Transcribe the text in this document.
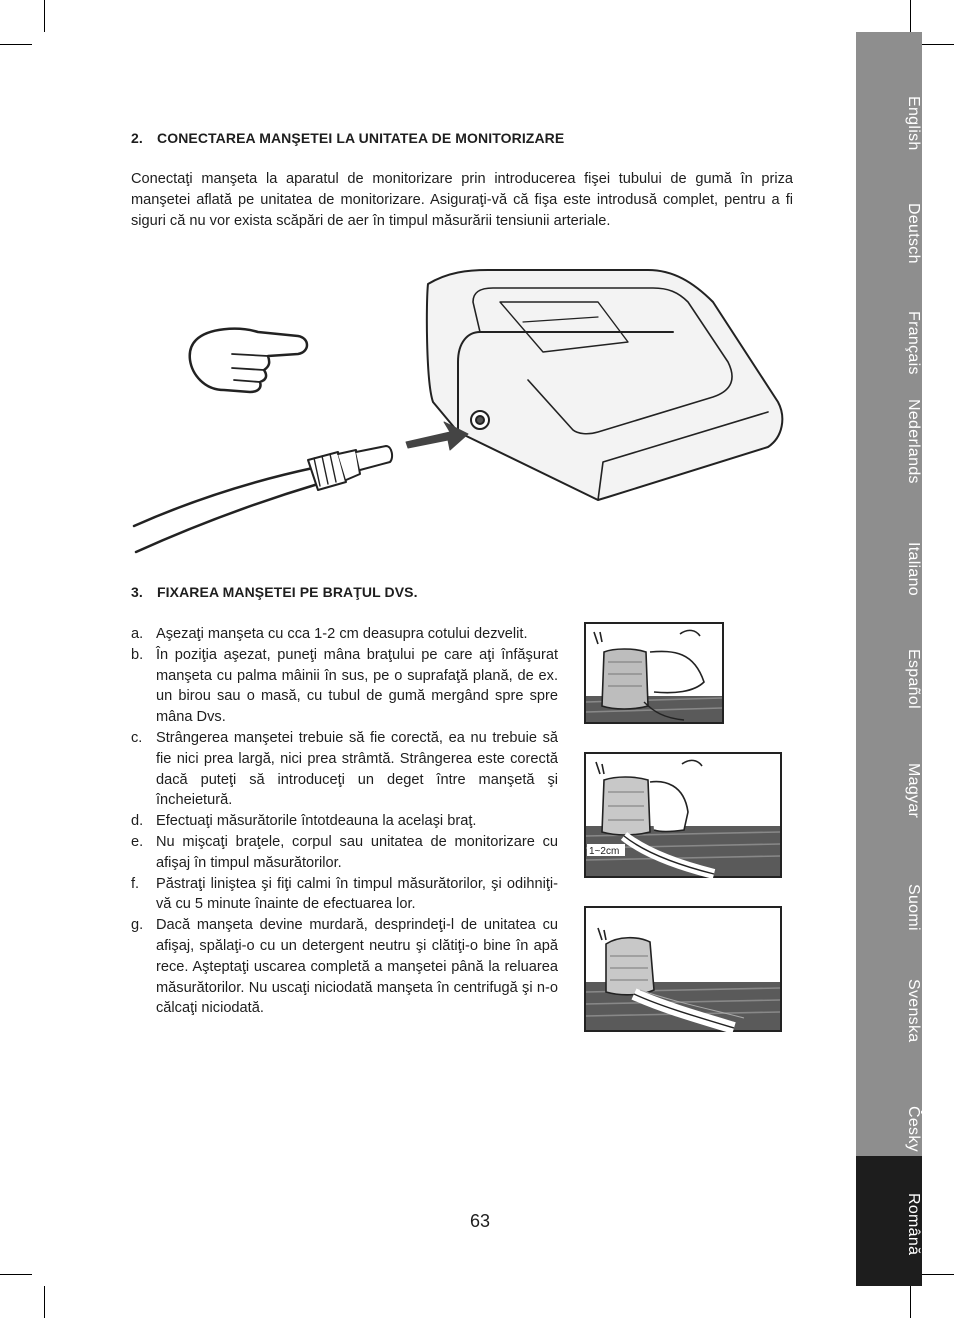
2. CONECTAREA MANŞETEI LA UNITATEA DE MONITORIZARE

Conectaţi manşeta la aparatul de monitorizare prin introducerea fişei tubului de gumă în priza manşetei aflată pe unitatea de monitorizare. Asiguraţi-vă că fişa este introdusă complet, pentru a fi siguri că nu vor exista scăpări de aer în timpul măsurării tensiunii arteriale.

3. FIXAREA MANŞETEI PE BRAŢUL DVS.
a. Aşezaţi manşeta cu cca 1-2 cm deasupra cotului dezvelit.
b. În poziţia aşezat, puneţi mâna braţului pe care aţi înfăşurat manşeta cu palma mâinii în sus, pe o suprafaţă plană, de ex. un birou sau o masă, cu tubul de gumă mergând spre spre mâna Dvs.
c. Strângerea manşetei trebuie să fie corectă, ea nu trebuie să fie nici prea largă, nici prea strâmtă. Strângerea este corectă dacă puteţi să introduceţi un deget între manşetă şi încheietură.
d. Efectuaţi măsurătorile întotdeauna la acelaşi braţ.
e. Nu mişcaţi braţele, corpul sau unitatea de monitorizare cu afişaj în timpul măsurătorilor.
f. Păstraţi liniştea şi fiţi calmi în timpul măsurătorilor, şi odihniţi-vă cu 5 minute înainte de efectuarea lor.
g. Dacă manşeta devine murdară, desprindeţi-l de unitatea cu afişaj, spălaţi-o cu un detergent neutru şi clătiţi-o bine în apă rece. Aşteptaţi uscarea completă a manşetei până la reluarea măsurătorilor. Nu uscaţi niciodată manşeta în centrifugă şi n-o călcaţi niciodată.
1~2cm
English
Deutsch
Français
Nederlands
Italiano
Español
Magyar
Suomi
Svenska
Česky
Română
63
